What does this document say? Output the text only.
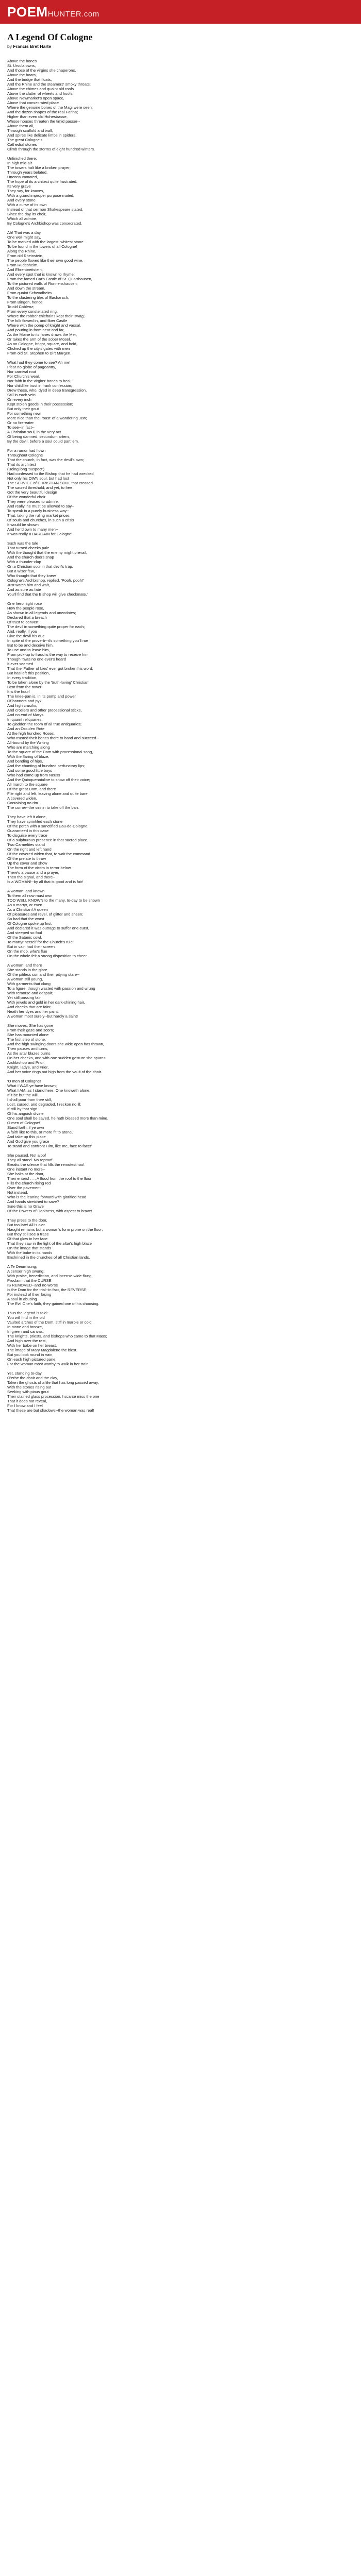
POEM HUNTER .com
A Legend Of Cologne
by Francis Bret Harte
Above the bones
St. Ursula owns,
And those of the virgins she chaperons,
Above the boats,
And the bridge that floats,
And the Rhine and the steamers' smoky throats;
Above the chimes and quaint old roofs
Above the clatter of wheels and hoofs;
Above Newmarket's open space,
Above that consecrated place
Where the genuine bones of the Magi were seen,
And the dozen shapes of the real Farina;
Higher than even old Hohestrasse,
Whose houses threaten the timid passer--
Above them all,
Through scaffold and wall,
And spires like delicate limbs in spiders,
The great Cologne's
Cathedral stones
Climb through the storms of eight hundred winters.
Unfinished there,
In high mid-air
The towers halt like a broken prayer;
Through years belated,
Unconsummated,
The hope of its architect quite frustrated.
Its very grave
They say, for knaves,
With a guard improper purpose mated;
And every stone
With a curse of its own
Instead of that sermon Shakespeare stated,
Since the day its choir,
Which all admire,
By Cologne's Archbishop was consecrated.
Ah! That was a day,
One well might say,
To be marked with the largest, whitest stone
To be found in the towers of all Cologne!
Along the Rhine,
From old Rheinstein,
The people flowed like their own good wine.
From Rüdesheim,
And Ehrenbreitstein,
And every spot that is known to rhyme;
From the famed Cat's Castle of St. Quarrhausen,
To the pictured walls of Ronnenshausen;
And down the stream,
From quaint Schwadheim
To the clustering tiles of Bacharach;
From Bingen, hence
To old Coblenz;
From every constellated ring,
Where the robber chieftains kept their 'swag,'
The folk flowed in, and fiber Castle
Where with the pomp of knight and vassal,
And pouring in from near and far,
As the Moine to its fanes draws the Mer,
Or takes the arm of the sober Mosel,
As on Cologne, bright, square, and bold,
Choked up the city's gates with men
From old St. Stephen to Dirt Margen.
What had they come to see? Ah me!
I fear no globe of pageantry,
Nor carnival rout
For Church's weal,
Nor faith in the virgins' bones to heal;
Nor childlike trust in frank confession;
Drew these, who, dyed in deep transgression,
Still in each vein
On every inch
Kept stolen goods in their possession;
But only their gout
For something new,
More nice than the 'roast' of a wandering Jew;
Or no fire-eater
To see--in fact--
A Christian soul, in the very act
Of being damned, secundum artem,
By the devil, before a soul could part 'em.
For a rumor had flown
Throughout Cologne
That the church, in fact, was the devil's own;
That its architect
(Being long 'suspect')
Had confessed to the Bishop that he had wrecked
Not only his OWN soul, but had lost
The SERVICE of CHRISTIAN SOUL that crossed
The sacred threshold; and yet, to free,
Got the very beautiful design
Of the wonderful choir
They were pleased to admire.
And really, he must be allowed to say--
To speak in a purely business way--
That, taking the ruling market prices
Of souls and churches, in such a crisis
It would be shown
And he 'd own to many men--
It was really a BARGAIN for Cologne!
Such was the tale
That turned cheeks pale
With the thought that the enemy might prevail,
And the church doors snap
With a thunder-clap
On a Christian soul in that devil's trap.
But a wiser few,
Who thought that they knew
Cologne's Archbishop, replied, 'Pooh, pooh!'
Just watch him and wait,
And as sure as fate
You'll find that the Bishop will give checkmate.'
One hero night rose
How the people rose,
As shown in all legends and anecdotes;
Declared that a breach
Of trust to convert
The devil in something quite proper for each;
And, really, if you
Give the devil his due
In spite of the proverb--it's something you'll rue
But to be and deceive him,
To use and to leave him,
From pick-up to fraud is the way to receive him,
Though 'twas no one ever's heard
It ever seemed
That the 'Father of Lies' ever got broken his word;
But has left this position,
In every tradition,
To be taken alone by the 'truth-loving' Christian!
Bent from the tower!
It is the hour!
The knee-pan is, in its pomp and power
Of banners and pyx,
And high crucifix,
And crosiers and other processional sticks,
And no end of Marys
In quaint reliquaries,
To gladden the room of all true antiquaries;
And an Occulen Rote
At the high hundred Roses.
Who trusted their bones there to hand and succeed--
All-bound by the Writing
Who are marching along
To the square of the Dom with processional song,
With the flaring of blaze,
And bending of hips,
And the chanting of hundred perfunctory lips;
And some good little boys
Who had come up from Neuss
And the Quinquennialine to show off their voice;
All march to the square
Of the great Dom, and there
File right and left, leaving alone and quite bare
A covered widen,
Containing no rim
The corner--the sinnin to take off the ban.
They have left it alone,
They have sprinkled each stone
Of the porch with a sanctified Eau-de-Cologne,
Guaranteed in this case
To disguise every trace
Of a sulphurous presence in that sacred place.
Two Carmelites stand
On the right and left hand
Of the covered widen that, to wait the command
Of the prelate to throw
Up the cover and show
The form of the victim in terror below.
There's a pause and a prayer,
Then the signal, and there--
Is a WOMAN!--by all that is good and is fair!
A woman! and known
To them all now must own
TOO WELL KNOWN to the many, to-day to be shown
As a martyr, or even
As a Christian! A queen
Of pleasures and revel, of glitter and sheen;
So bad that the worst
Of Cologne spoke up first,
And declared it was outrage to suffer one curst,
And steeped so foul
Of the Satanic cowl,
To martyr herself for the Church's rule!
But in vain had their screen
On the mob, who's flue
On the whole felt a strong disposition to cheer.
A woman! and there
She stands in the glare
Of the pitiless sun and their pitying stare--
A woman still young,
With garments that clung
To a figure, though wasted with passion and wrung
With remorse and despair;
Yet still passing fair,
With jewels and gold in her dark-shining hair,
And cheeks that are faint
Neath her dyes and her paint.
A woman most surely--but hardly a saint!
She moves. She has gone
From their gaze and scorn;
She has mounted alone
The first step of stone,
And the high swinging doors she wide open has thrown,
Then pauses and turns,
As the altar blazes burns
On her cheeks, and with one sudden gesture she spurns
Archbishop and Prior,
Knight, ladye, and Frier,
And her voice rings out high from the vault of the choir.
'O men of Cologne!
What I WAS ye have known;
What I AM, as I stand here, One knoweth alone.
If it be but the will
I shall pour from thee still,
Lost, cursed, and degraded, I reckon no ill;
If still by that sign
Of his anguish divine
One soul shall be saved, he hath blessed more than mine.
O men of Cologne!
Stand forth, if ye own
A faith like to this, or more fit to atone,
And take up this place
And God give you grace
To stand and confront Him, like me, face to face!'
She paused. No! aloof
They all stand. No reproof
Breaks the silence that fills the remotest roof.
One instant no more--
She halts at the door,
Then enters! . . . A flood from the roof to the floor
Fills the church rising red
Over the pavement.
Not instead,
Who is the leaning forward with glorified head
And hands stretched to save?
Sure this is no Grave
Of the Powers of Darkness, with aspect to brave!
They press to the door,
But too late! All is o'er.
Naught remains but a woman's form prone on the floor;
But they still see a trace
Of that glow in her face
That they saw in the light of the altar's high blaze
On the image that stands
With the babe in its hands
Enshrined in the churches of all Christian lands.
A Te Deum sung;
A censer high swung;
With praise, benediction, and incense-wide-flung,
Proclaim that the CURSE
IS REMOVED--and no worse
Is the Dom for the trial--in fact, the REVERSE;
For instead of their losing
A soul in abusing
The Evil One's faith, they gained one of his choosing.
Thus the legend is told:
You will find in the old
Vaulted arches of the Dom, stiff in marble or cold
In stone and bronze,
In green and canvas,
The knights, priests, and bishops who came to that Mass;
And high over the rest,
With her babe on her breast,
The image of Mary Magdalene the blest.
But you look round in vain,
On each high pictured pane,
For the woman most worthy to walk in her train.
Yet, standing to-day
O'erhe the choir and the clay,
Taken the ghosts of a life that has long passed away,
With the stones rising out
Seeking with pious gout
Their stained glass procession, I scarce miss the one
That it does not reveal,
For I know and I feel
That these are but shadows--the woman was real!
